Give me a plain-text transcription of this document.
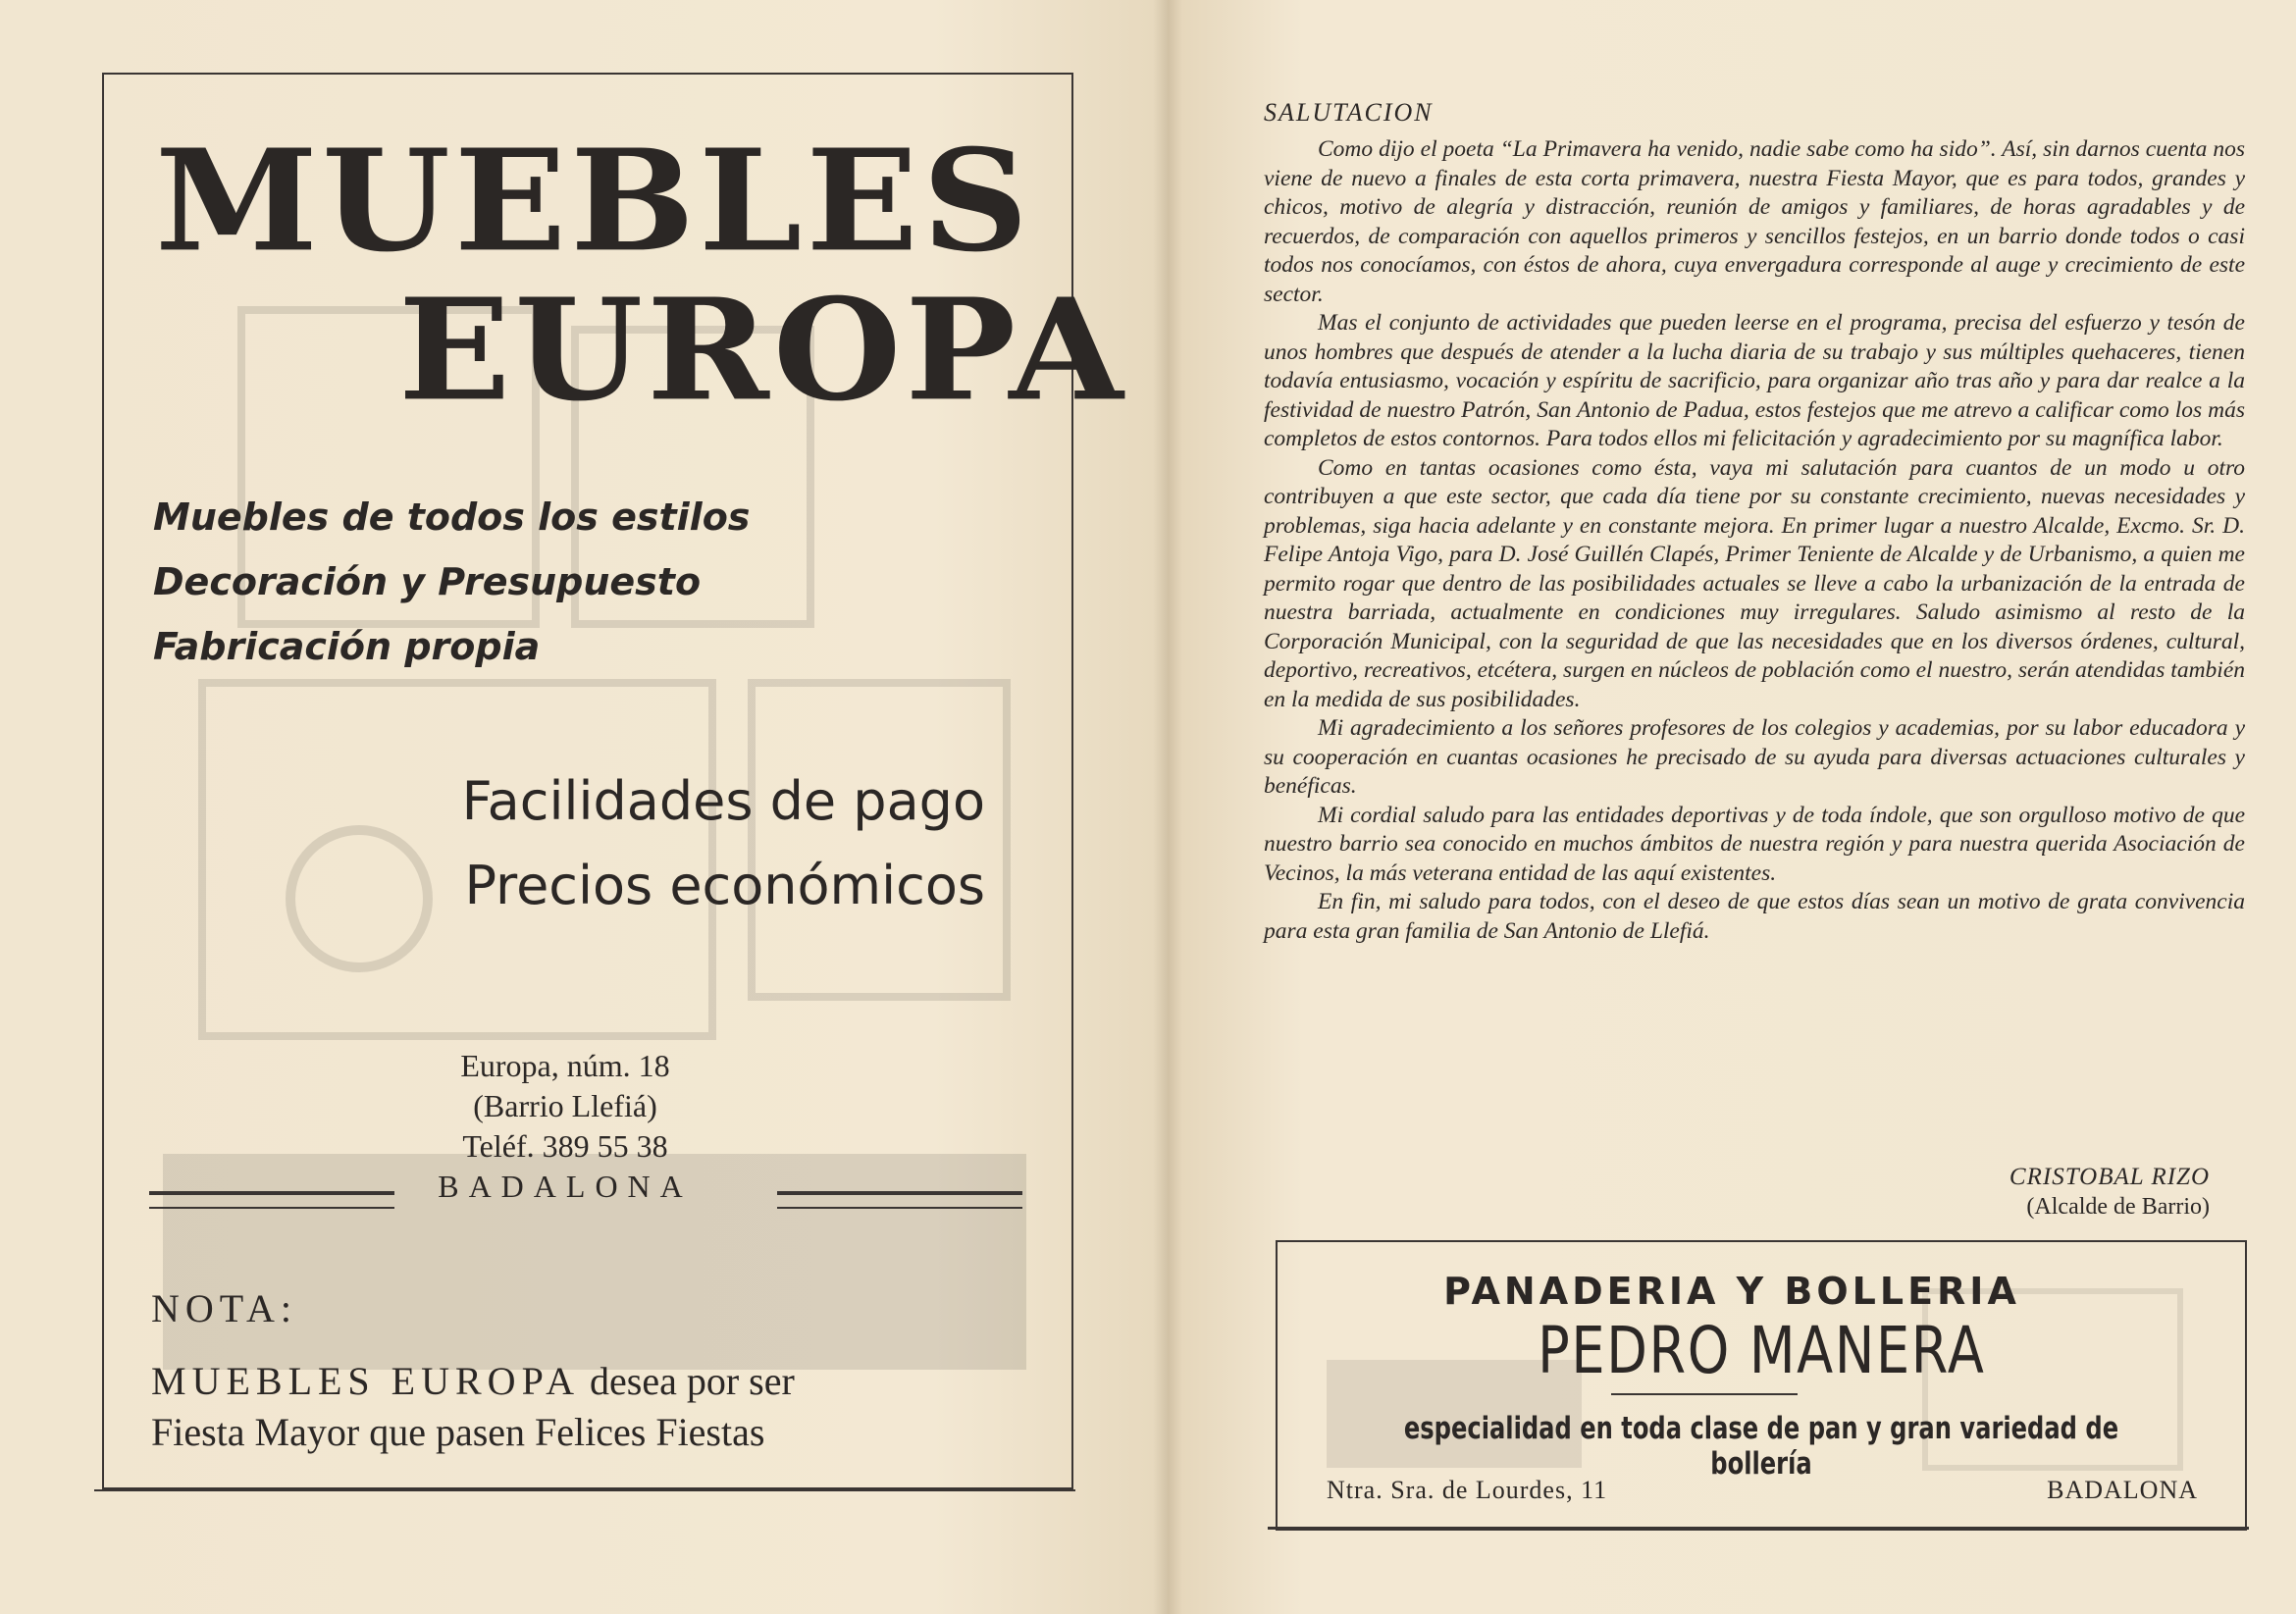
MUEBLES
EUROPA
Muebles de todos los estilos
Decoración y Presupuesto
Fabricación propia
Facilidades de pago
Precios económicos
Europa, núm. 18
(Barrio Llefiá)
Teléf. 389 55 38
BADALONA
NOTA:
MUEBLES EUROPA desea por ser
Fiesta Mayor que pasen Felices Fiestas
SALUTACION

Como dijo el poeta “La Primavera ha venido, nadie sabe como ha sido”. Así, sin darnos cuenta nos viene de nuevo a finales de esta corta primavera, nuestra Fiesta Mayor, que es para todos, grandes y chicos, motivo de alegría y distracción, reunión de amigos y familiares, de horas agradables y de recuerdos, de comparación con aquellos primeros y sencillos festejos, en un barrio donde todos o casi todos nos conocíamos, con éstos de ahora, cuya envergadura corresponde al auge y crecimiento de este sector.

Mas el conjunto de actividades que pueden leerse en el programa, precisa del esfuerzo y tesón de unos hombres que después de atender a la lucha diaria de su trabajo y sus múltiples quehaceres, tienen todavía entusiasmo, vocación y espíritu de sacrificio, para organizar año tras año y para dar realce a la festividad de nuestro Patrón, San Antonio de Padua, estos festejos que me atrevo a calificar como los más completos de estos contornos. Para todos ellos mi felicitación y agradecimiento por su magnífica labor.

Como en tantas ocasiones como ésta, vaya mi salutación para cuantos de un modo u otro contribuyen a que este sector, que cada día tiene por su constante crecimiento, nuevas necesidades y problemas, siga hacia adelante y en constante mejora. En primer lugar a nuestro Alcalde, Excmo. Sr. D. Felipe Antoja Vigo, para D. José Guillén Clapés, Primer Teniente de Alcalde y de Urbanismo, a quien me permito rogar que dentro de las posibilidades actuales se lleve a cabo la urbanización de la entrada de nuestra barriada, actualmente en condiciones muy irregulares. Saludo asimismo al resto de la Corporación Municipal, con la seguridad de que las necesidades que en los diversos órdenes, cultural, deportivo, recreativos, etcétera, surgen en núcleos de población como el nuestro, serán atendidas también en la medida de sus posibilidades.

Mi agradecimiento a los señores profesores de los colegios y academias, por su labor educadora y su cooperación en cuantas ocasiones he precisado de su ayuda para diversas actuaciones culturales y benéficas.

Mi cordial saludo para las entidades deportivas y de toda índole, que son orgulloso motivo de que nuestro barrio sea conocido en muchos ámbitos de nuestra región y para nuestra querida Asociación de Vecinos, la más veterana entidad de las aquí existentes.

En fin, mi saludo para todos, con el deseo de que estos días sean un motivo de grata convivencia para esta gran familia de San Antonio de Llefiá.

CRISTOBAL RIZO
(Alcalde de Barrio)
PANADERIA Y BOLLERIA
PEDRO MANERA
especialidad en toda clase de pan y gran variedad de bollería
Ntra. Sra. de Lourdes, 11	BADALONA
